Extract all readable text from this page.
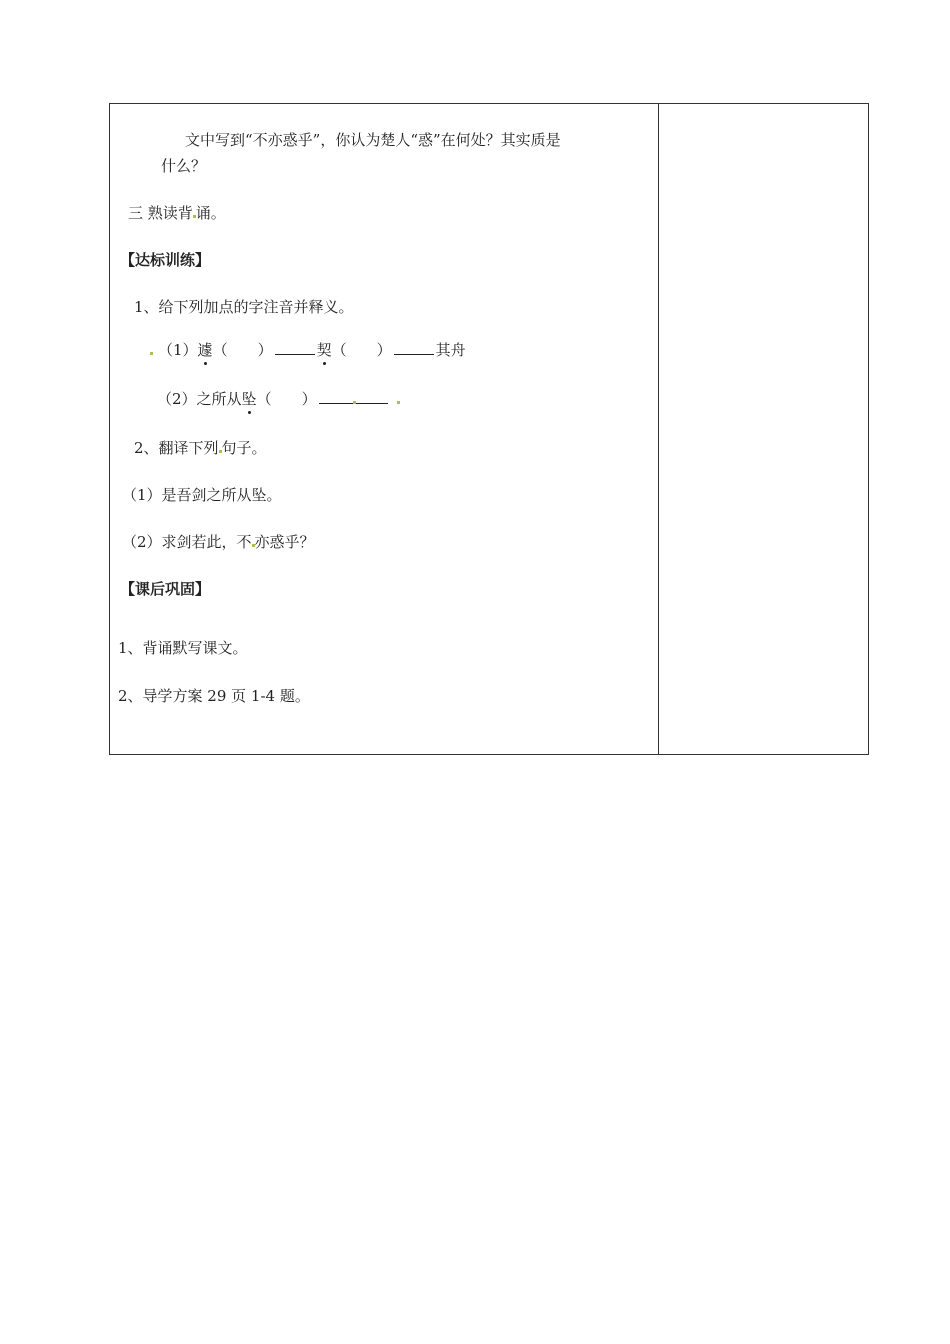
文中写到“不亦惑乎”，你认为楚人“惑”在何处？其实质是
什么？
三 熟读背 诵。
【达标训练】
1、给下列加点的字注音并释义。
（1）遽（　　）	契（　　）	其舟
（2）之所从坠（　　）
2、翻译下列 句子。
（1）是吾剑之所从坠。
（2）求剑若此，不 亦惑乎？
【课后巩固】
1、背诵默写课文。
2、导学方案 29 页 1-4 题。
